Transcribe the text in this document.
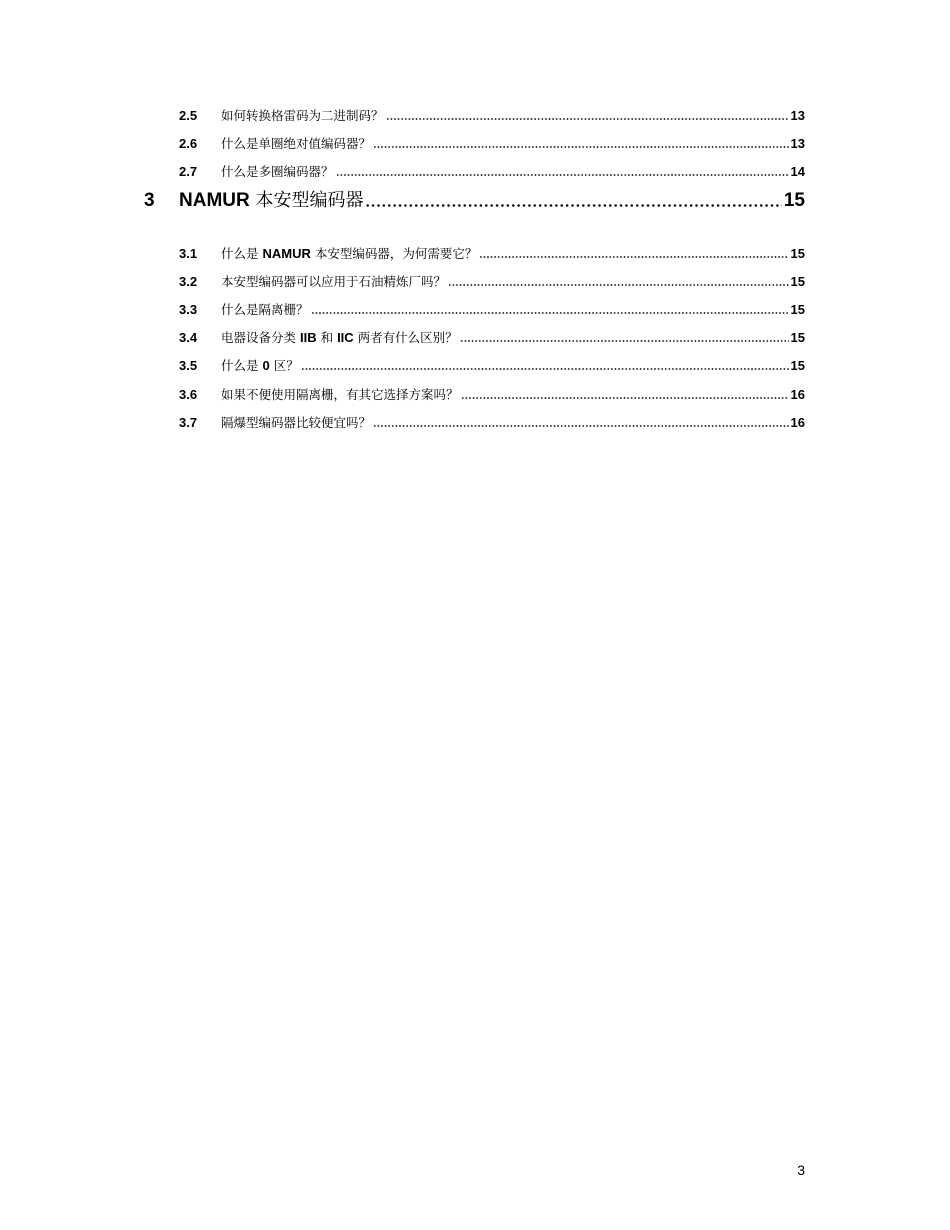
2.5	如何转换格雷码为二进制码？	13
2.6	什么是单圈绝对值编码器？	13
2.7	什么是多圈编码器？	14
3	NAMUR 本安型编码器	15
3.1	什么是 NAMUR 本安型编码器，为何需要它？	15
3.2	本安型编码器可以应用于石油精炼厂吗？	15
3.3	什么是隔离栅？	15
3.4	电器设备分类 IIB 和 IIC 两者有什么区别？	15
3.5	什么是 0 区？	15
3.6	如果不便使用隔离栅，有其它选择方案吗？	16
3.7	隔爆型编码器比较便宜吗？	16
3
